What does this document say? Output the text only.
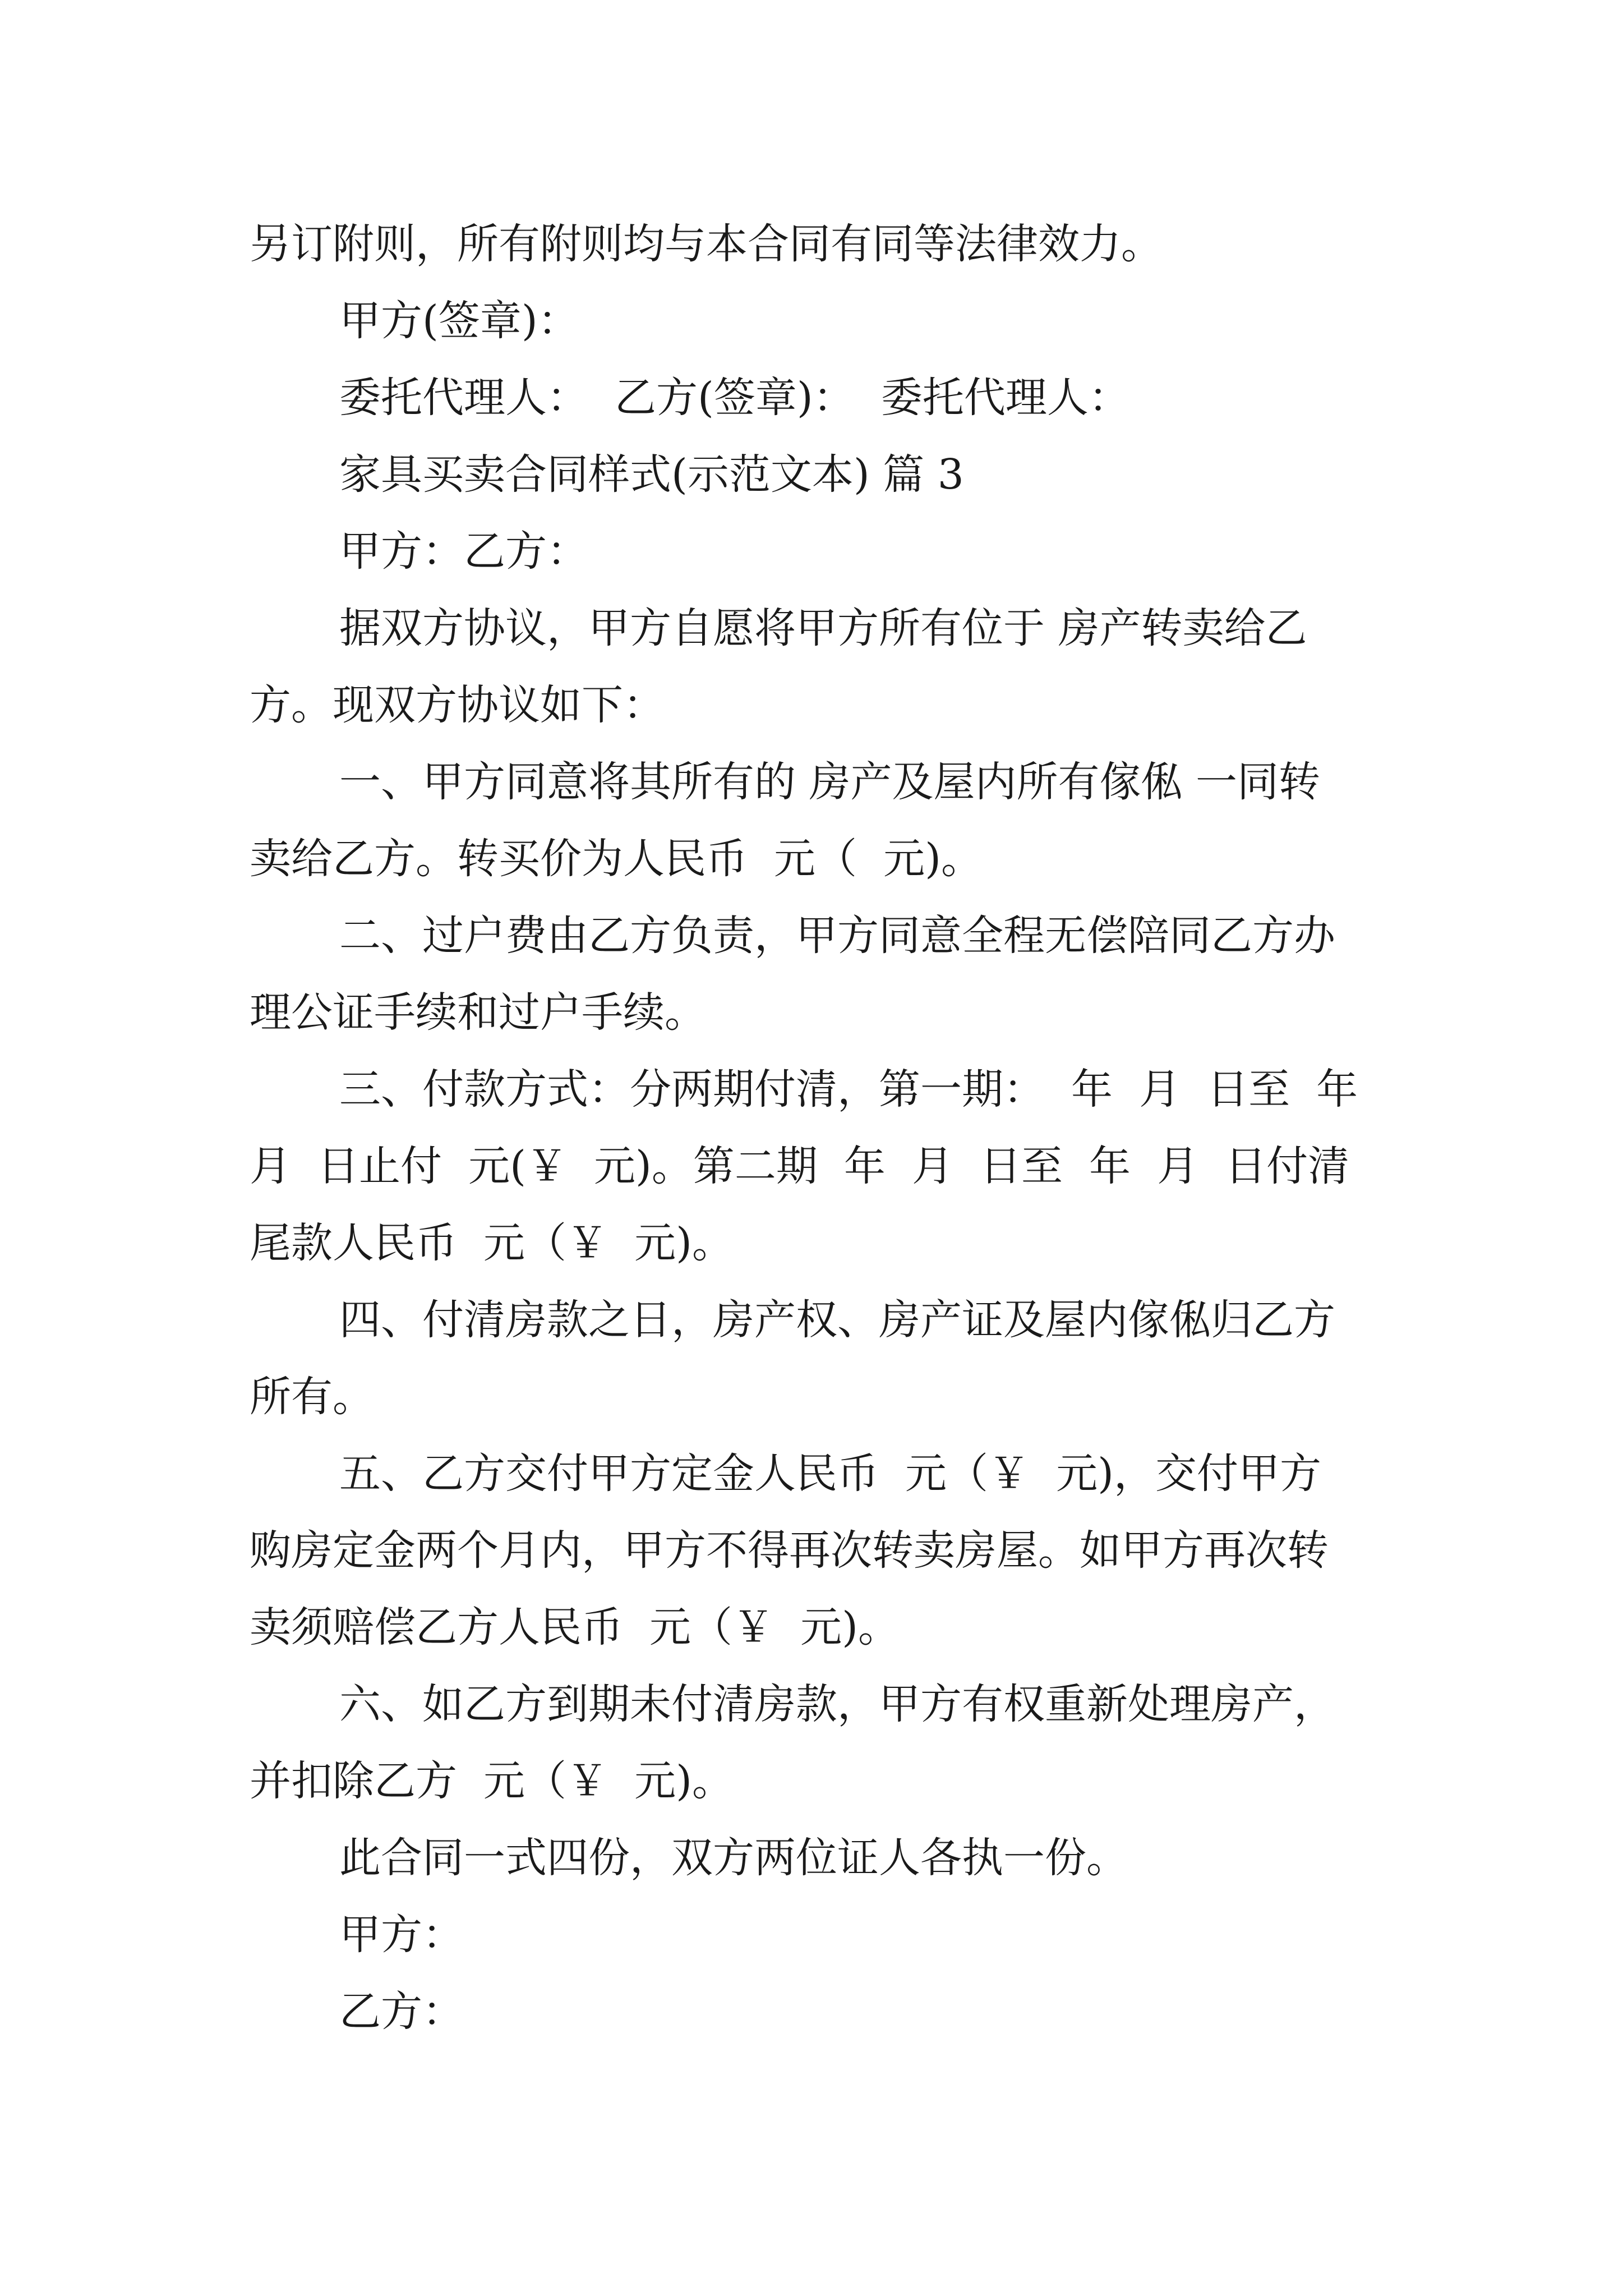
另订附则，所有附则均与本合同有同等法律效力。
甲方(签章)：
委托代理人：  乙方(签章)：  委托代理人：
家具买卖合同样式(示范文本) 篇 3
甲方：乙方：
据双方协议，甲方自愿将甲方所有位于 房产转卖给乙
方。现双方协议如下：
一、甲方同意将其所有的 房产及屋内所有傢俬 一同转
卖给乙方。转买价为人民币  元（  元)。
二、过户费由乙方负责，甲方同意全程无偿陪同乙方办
理公证手续和过户手续。
三、付款方式：分两期付清，第一期：  年  月  日至  年
月  日止付  元(￥  元)。第二期  年  月  日至  年  月  日付清
尾款人民币  元（￥  元)。
四、付清房款之日，房产权、房产证及屋内傢俬归乙方
所有。
五、乙方交付甲方定金人民币  元（￥  元)，交付甲方
购房定金两个月内，甲方不得再次转卖房屋。如甲方再次转
卖须赔偿乙方人民币  元（￥  元)。
六、如乙方到期未付清房款，甲方有权重新处理房产，
并扣除乙方  元（￥  元)。
此合同一式四份，双方两位证人各执一份。
甲方：
乙方：
